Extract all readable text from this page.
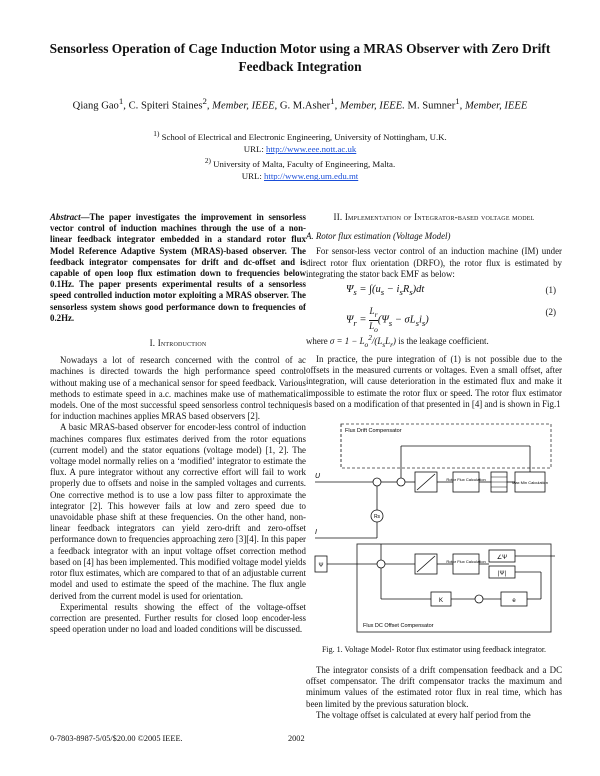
Sensorless Operation of Cage Induction Motor using a MRAS Observer with Zero Drift Feedback Integration
Qiang Gao$^1$, C. Spiteri Staines$^2$, Member, IEEE, G. M.Asher$^1$, Member, IEEE. M. Sumner$^1$, Member, IEEE
$^{1)}$ School of Electrical and Electronic Engineering, University of Nottingham, U.K.
URL: http://www.eee.nott.ac.uk
$^{2)}$ University of Malta, Faculty of Engineering, Malta.
URL: http://www.eng.um.edu.mt

Abstract—The paper investigates the improvement in sensorless vector control of induction machines through the use of a non-linear feedback integrator embedded in a standard rotor flux Model Reference Adaptive System (MRAS)-based observer. The feedback integrator compensates for drift and dc-offset and is capable of open loop flux estimation down to frequencies below 0.1Hz. The paper presents experimental results of a sensorless speed controlled induction motor exploiting a MRAS observer. The sensorless system shows good performance down to frequencies of 0.2Hz.

I. Introduction

Nowadays a lot of research concerned with the control of ac machines is directed towards the high performance speed control without making use of a mechanical sensor for speed feedback. Various methods to estimate speed in a.c. machines make use of mathematical models. One of the most successful speed sensorless control techniques for induction machines applies MRAS based observers [2].

A basic MRAS-based observer for encoder-less control of induction machines compares flux estimates derived from the rotor equations (current model) and the stator equations (voltage model) [1, 2]. The voltage model normally relies on a ‘modified’ integrator to estimate the flux. A pure integrator without any corrective effort will fail to work properly due to offsets and noise in the sampled voltages and currents. One corrective method is to use a low pass filter to approximate the integrator [2]. This however fails at low and zero speed due to unavoidable phase shift at these frequencies. On the other hand, non-linear feedback integrators can yield zero-drift and zero-offset performance down to frequencies approaching zero [3][4]. In this paper a feedback integrator with an input voltage offset correction method based on [4] has been implemented. This modified voltage model yields rotor flux estimates, which are compared to that of an adjustable current model and used to estimate the speed of the machine. The flux angle derived from the current model is used for orientation.

Experimental results showing the effect of the voltage-offset correction are presented. Further results for closed loop encoder-less speed operation under no load and loaded conditions will be discussed.

II. Implementation of Integrator-based voltage model
A. Rotor flux estimation (Voltage Model)

For sensor-less vector control of an induction machine (IM) under direct rotor flux orientation (DRFO), the rotor flux is estimated by integrating the stator back EMF as below:

$\Psi_s = \int(u_s - i_sR_s)dt$	(1)
$\Psi_r = \frac{L_r}{L_o} (\Psi_s - \sigma L_si_s)$
(2)

where $\sigma = 1 - L_o^2/(L_sL_r)$ is the leakage coefficient.

In practice, the pure integration of (1) is not possible due to the offsets in the measured currents or voltages. Even a small offset, after integration, will cause deterioration in the estimated flux and make it impossible to estimate the rotor flux or speed. The rotor flux estimator is based on a modification of that presented in [4] and is shown in Fig.1

Flux Drift Compensator
U	Rotor Flux Calculation
Max Min Calculation
Rs
I
Flux DC Offset Compensator
Ψ
Rotor Flux Calculation
∠Ψ
|Ψ|
K	e
Fig. 1. Voltage Model- Rotor flux estimator using feedback integrator.

The integrator consists of a drift compensation feedback and a DC offset compensator. The drift compensator tracks the maximum and minimum values of the estimated rotor flux in real time, which has been limited by the previous saturation block.

The voltage offset is calculated at every half period from the

0-7803-8987-5/05/$20.00 ©2005 IEEE.	2002
